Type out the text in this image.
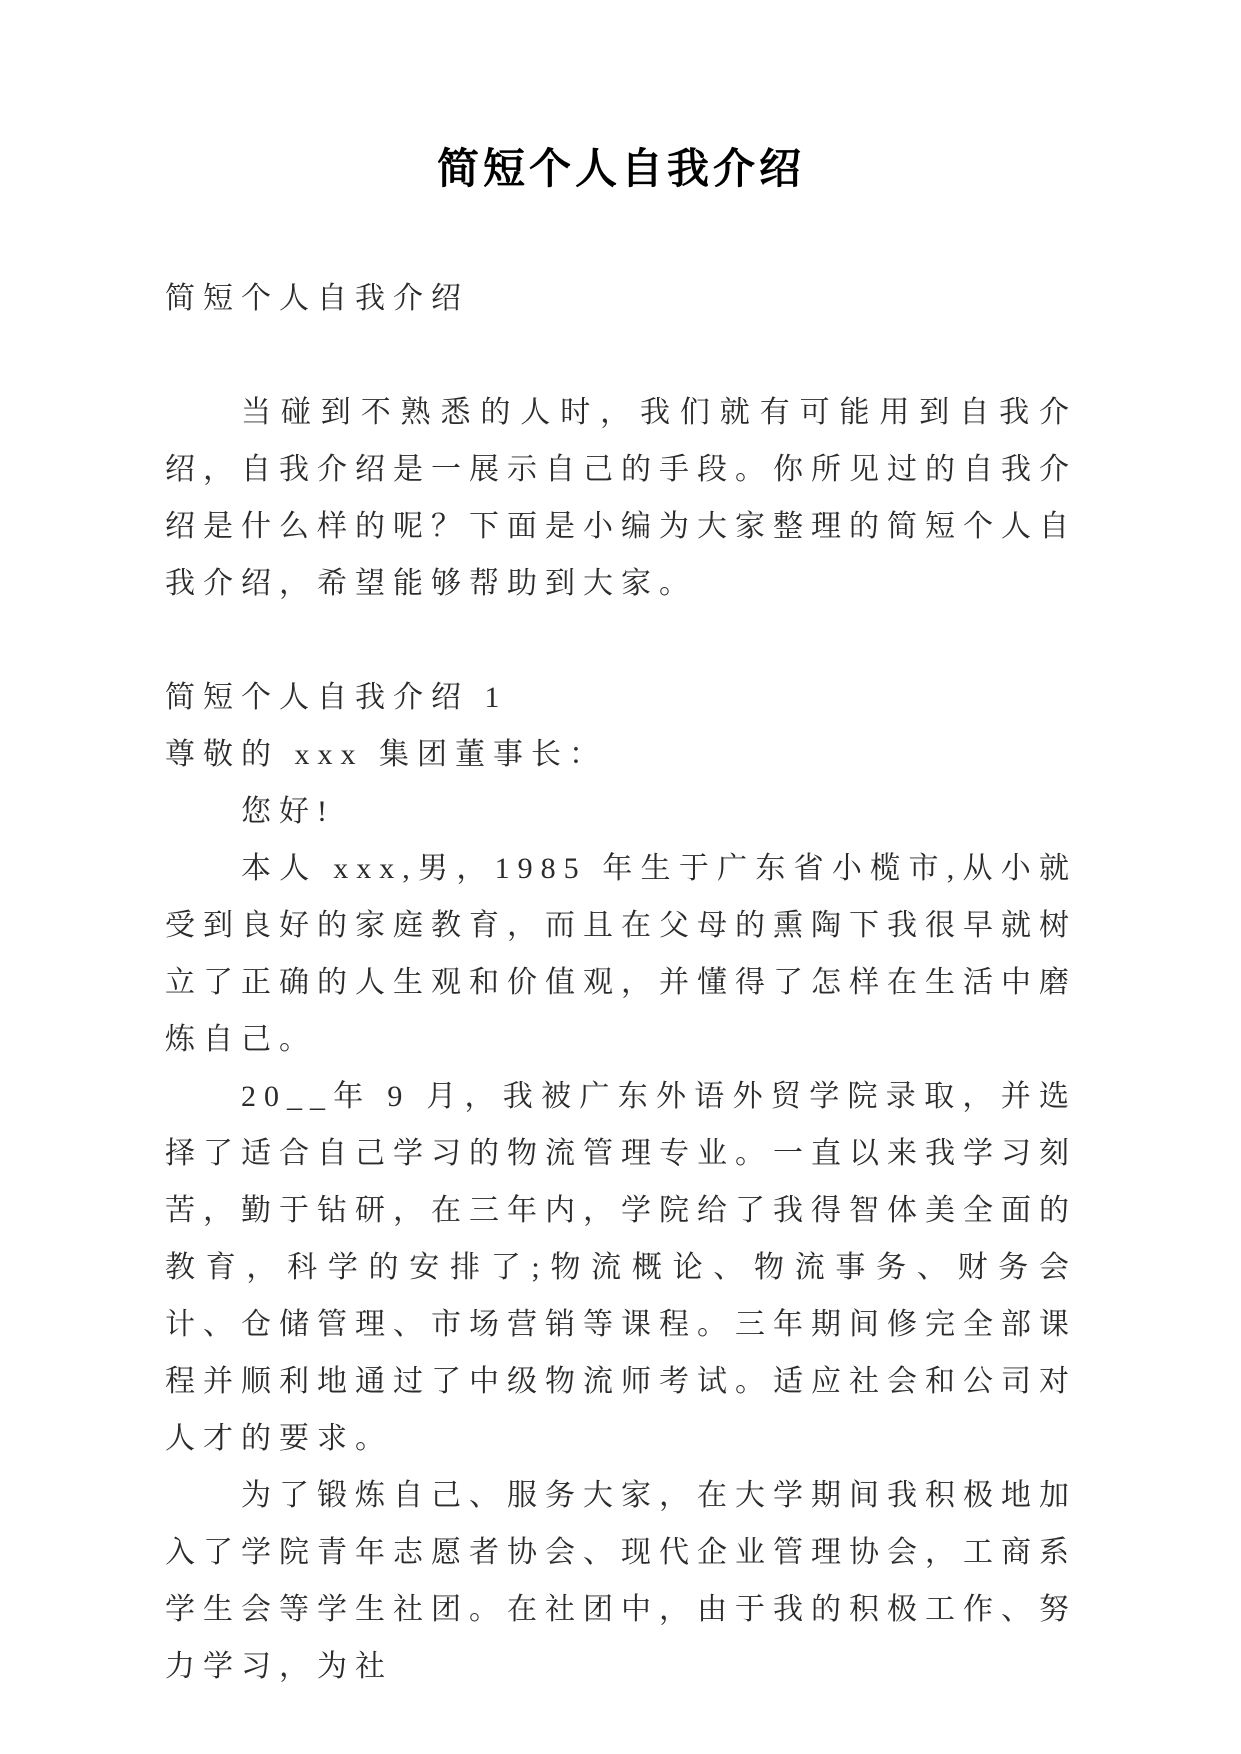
简短个人自我介绍

简短个人自我介绍

当碰到不熟悉的人时，我们就有可能用到自我介绍，自我介绍是一展示自己的手段。你所见过的自我介绍是什么样的呢？下面是小编为大家整理的简短个人自我介绍，希望能够帮助到大家。

简短个人自我介绍 1

尊敬的 xxx 集团董事长：

您好!

本人 xxx,男，1985 年生于广东省小榄市,从小就受到良好的家庭教育，而且在父母的熏陶下我很早就树立了正确的人生观和价值观，并懂得了怎样在生活中磨炼自己。

20__年 9 月，我被广东外语外贸学院录取，并选择了适合自己学习的物流管理专业。一直以来我学习刻苦，勤于钻研，在三年内，学院给了我得智体美全面的教育，科学的安排了;物流概论、物流事务、财务会计、仓储管理、市场营销等课程。三年期间修完全部课程并顺利地通过了中级物流师考试。适应社会和公司对人才的要求。

为了锻炼自己、服务大家，在大学期间我积极地加入了学院青年志愿者协会、现代企业管理协会，工商系学生会等学生社团。在社团中，由于我的积极工作、努力学习，为社
